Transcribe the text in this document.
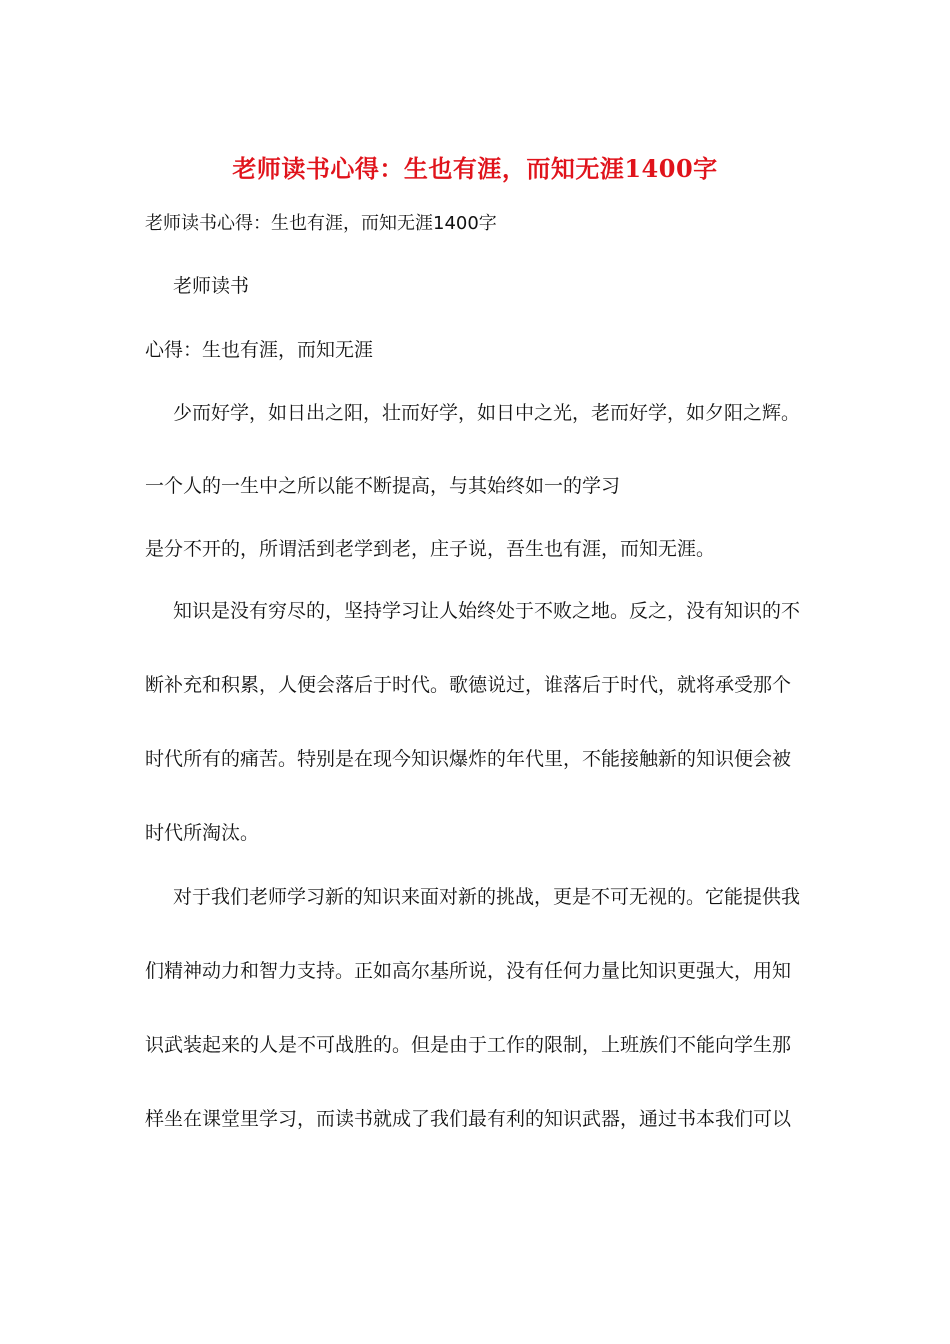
老师读书心得：生也有涯，而知无涯1400字
老师读书心得：生也有涯，而知无涯1400字
老师读书
心得：生也有涯，而知无涯
少而好学，如日出之阳，壮而好学，如日中之光，老而好学，如夕阳之辉。
一个人的一生中之所以能不断提高，与其始终如一的学习
是分不开的，所谓活到老学到老，庄子说，吾生也有涯，而知无涯。
知识是没有穷尽的，坚持学习让人始终处于不败之地。反之，没有知识的不
断补充和积累，人便会落后于时代。歌德说过，谁落后于时代，就将承受那个
时代所有的痛苦。特别是在现今知识爆炸的年代里，不能接触新的知识便会被
时代所淘汰。
对于我们老师学习新的知识来面对新的挑战，更是不可无视的。它能提供我
们精神动力和智力支持。正如高尔基所说，没有任何力量比知识更强大，用知
识武装起来的人是不可战胜的。但是由于工作的限制，上班族们不能向学生那
样坐在课堂里学习，而读书就成了我们最有利的知识武器，通过书本我们可以
